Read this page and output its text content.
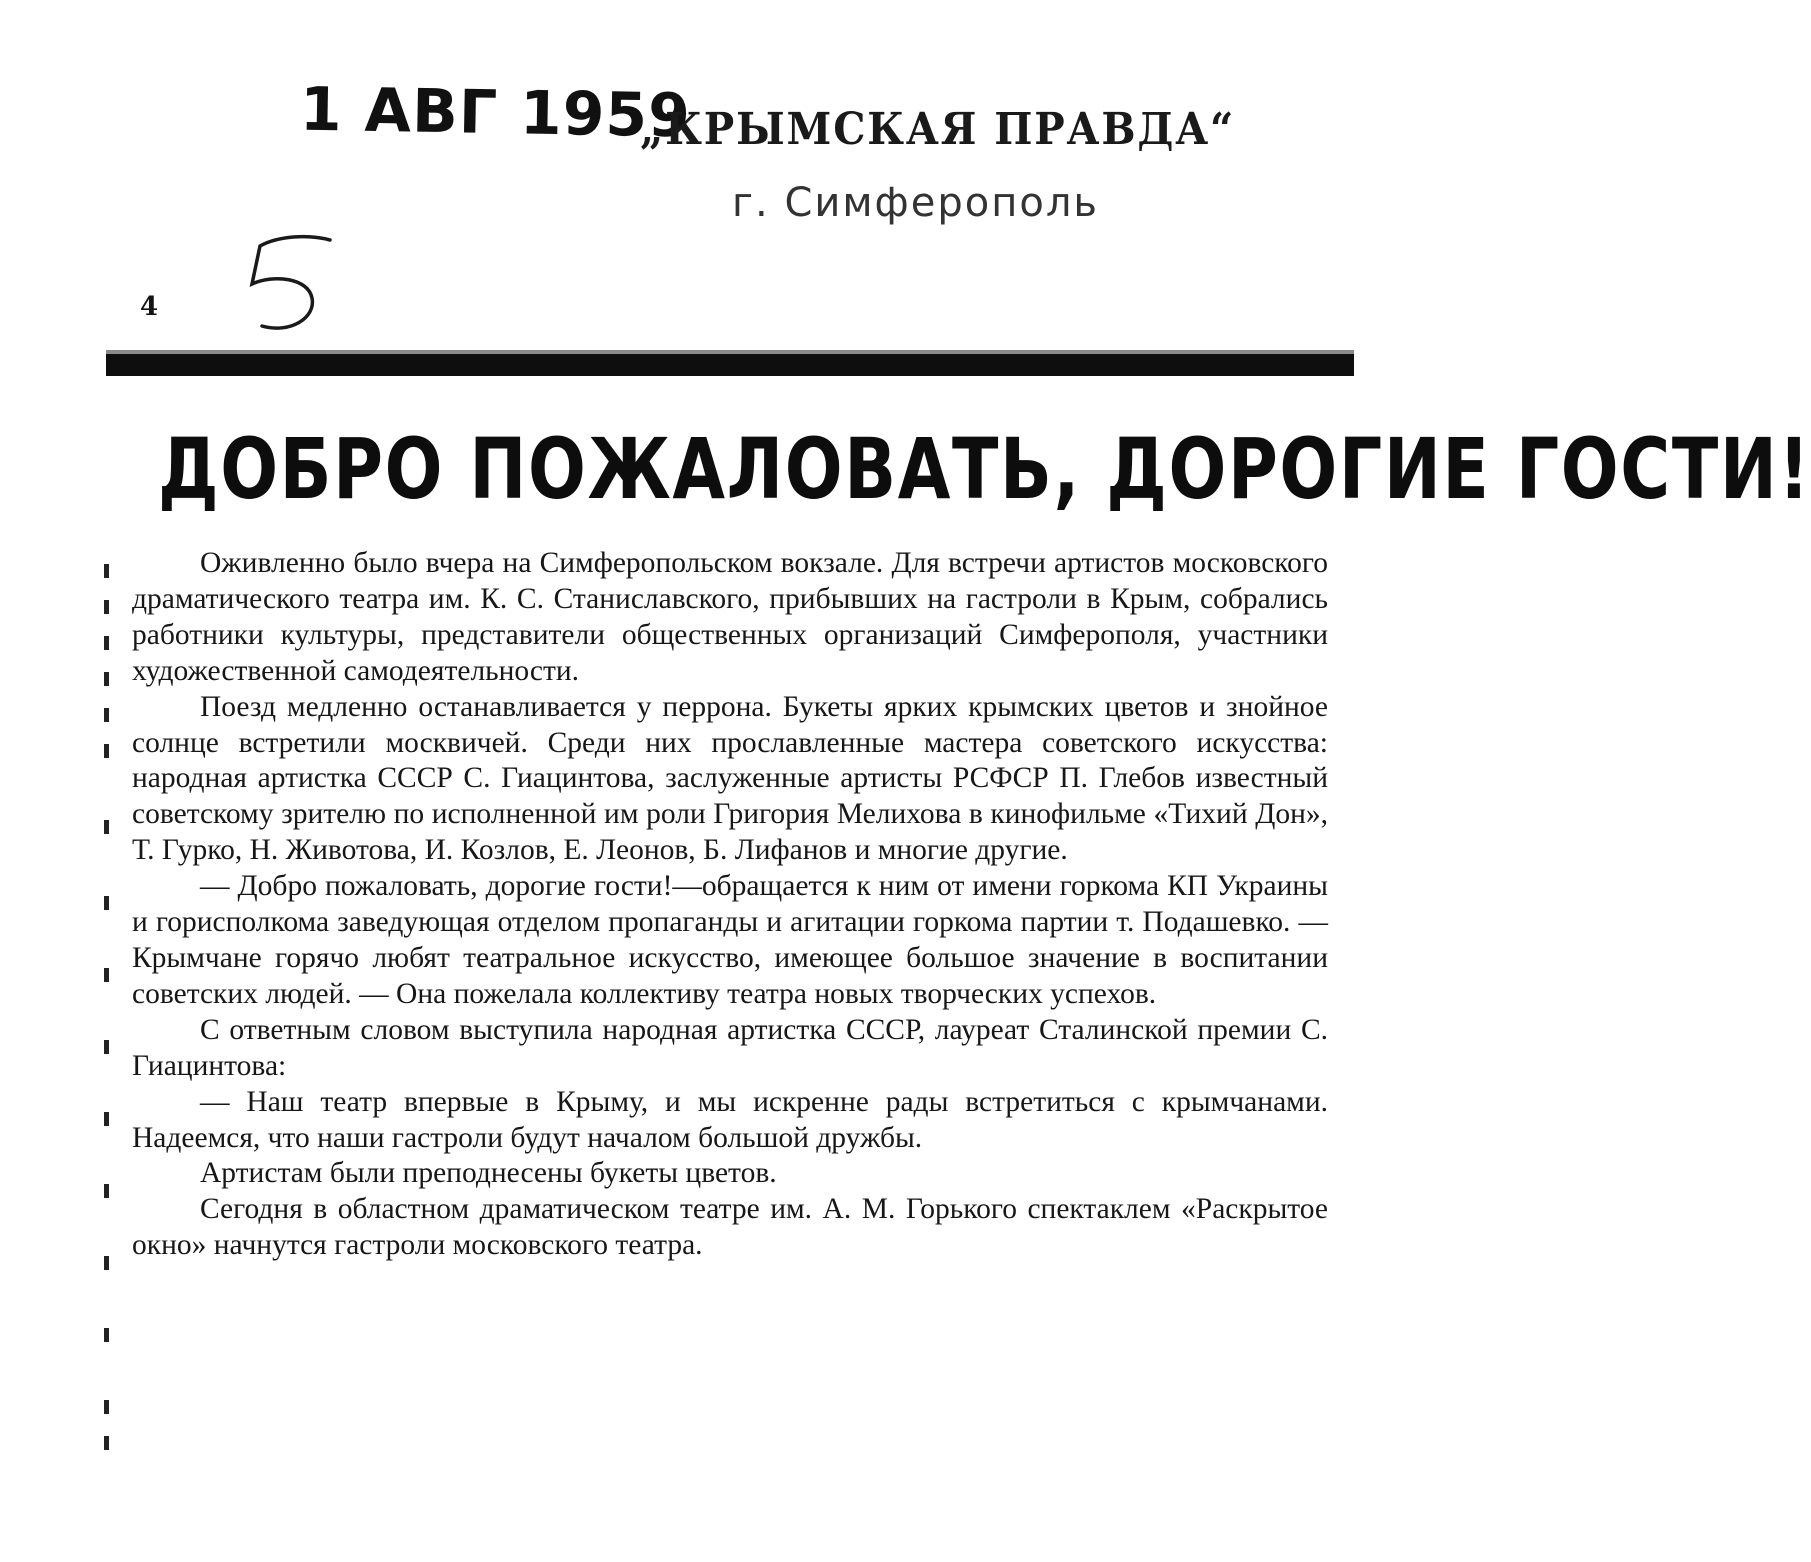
1 АВГ 1959
„КРЫМСКАЯ ПРАВДА“
г. Симферополь
4
ДОБРО ПОЖАЛОВАТЬ, ДОРОГИЕ ГОСТИ!

Оживленно было вчера на Симферопольском вокзале. Для встречи артистов московского драматического театра им. К. С. Станиславского, прибывших на гастроли в Крым, собрались работники культуры, представители общественных организаций Симферополя, участники художественной самодеятельности.

Поезд медленно останавливается у перрона. Букеты ярких крымских цветов и знойное солнце встретили москвичей. Среди них прославленные мастера советского искусства: народная артистка СССР С. Гиацинтова, заслуженные артисты РСФСР П. Глебов известный советскому зрителю по исполненной им роли Григория Мелихова в кинофильме «Тихий Дон», Т. Гурко, Н. Животова, И. Козлов, Е. Леонов, Б. Лифанов и многие другие.

— Добро пожаловать, дорогие гости!—обращается к ним от имени горкома КП Украины и горисполкома заведующая отделом пропаганды и агитации горкома партии т. Подашевко. — Крымчане горячо любят театральное искусство, имеющее большое значение в воспитании советских людей. — Она пожелала коллективу театра новых творческих успехов.

С ответным словом выступила народная артистка СССР, лауреат Сталинской премии С. Гиацинтова:

— Наш театр впервые в Крыму, и мы искренне рады встретиться с крымчанами. Надеемся, что наши гастроли будут началом большой дружбы.

Артистам были преподнесены букеты цветов.

Сегодня в областном драматическом театре им. А. М. Горького спектаклем «Раскрытое окно» начнутся гастроли московского театра.
